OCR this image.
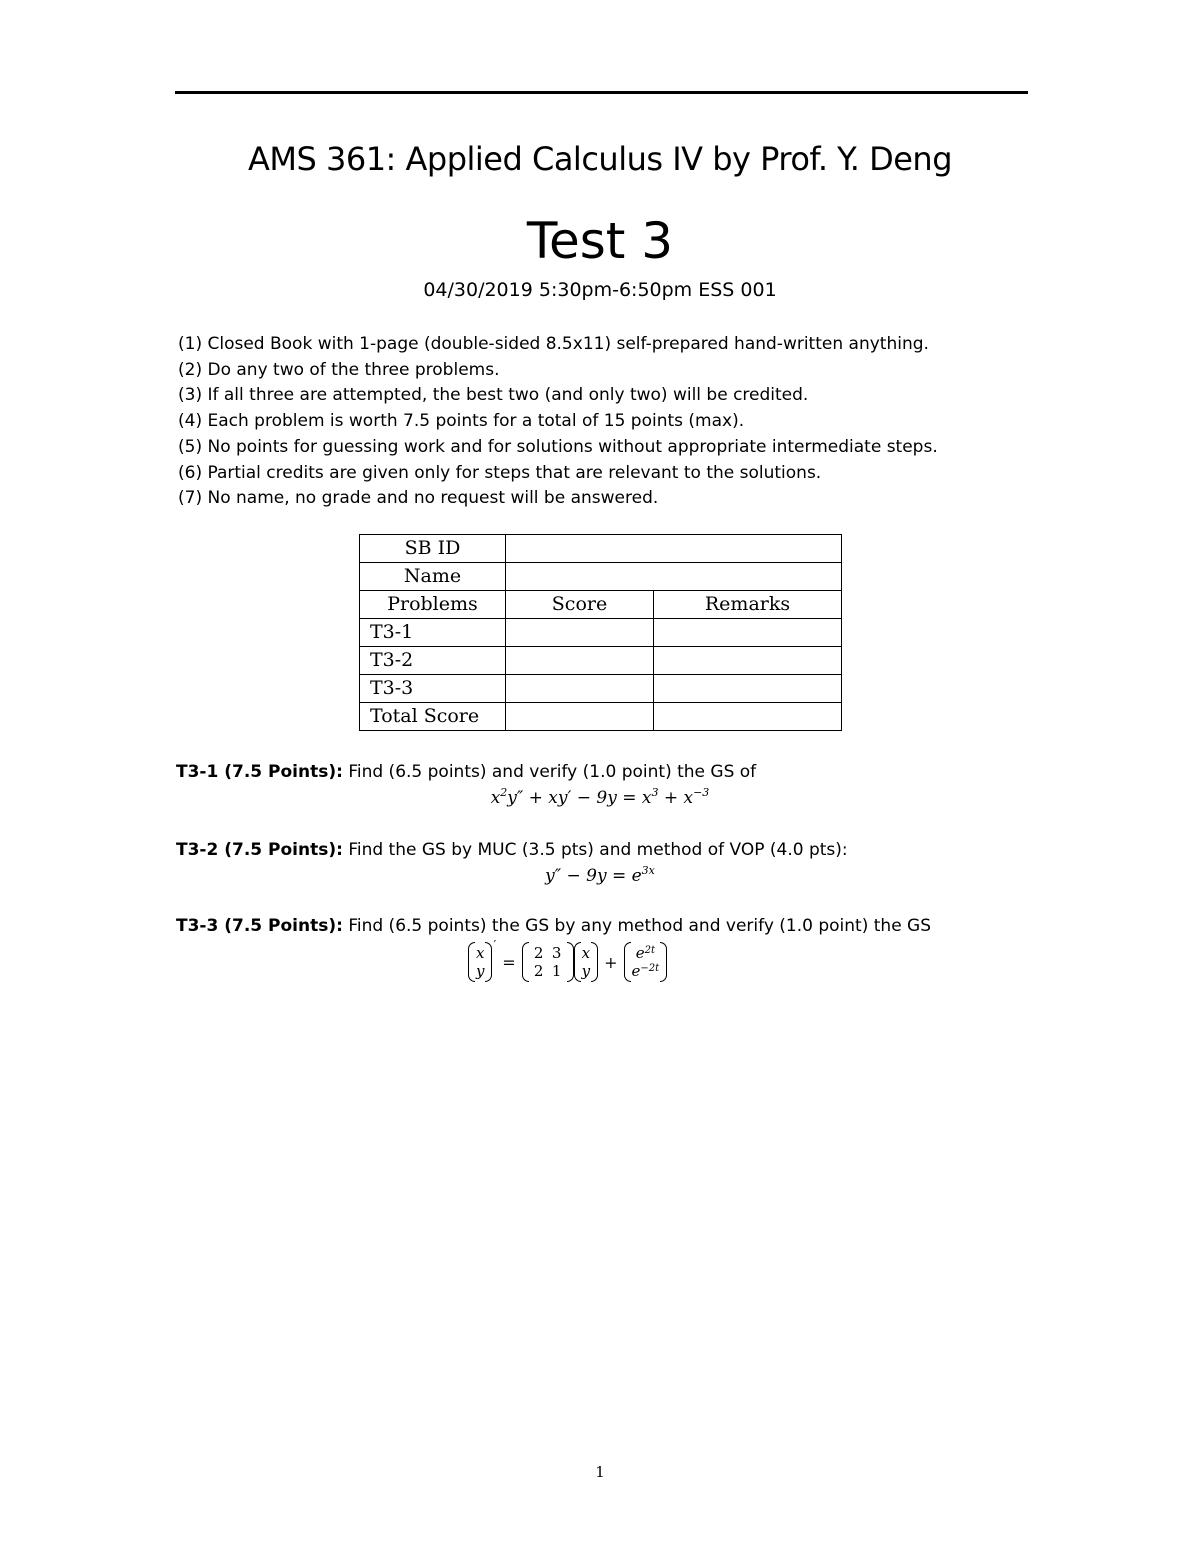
AMS 361: Applied Calculus IV by Prof. Y. Deng
Test 3
04/30/2019 5:30pm-6:50pm ESS 001
(1) Closed Book with 1-page (double-sided 8.5x11) self-prepared hand-written anything.
(2) Do any two of the three problems.
(3) If all three are attempted, the best two (and only two) will be credited.
(4) Each problem is worth 7.5 points for a total of 15 points (max).
(5) No points for guessing work and for solutions without appropriate intermediate steps.
(6) Partial credits are given only for steps that are relevant to the solutions.
(7) No name, no grade and no request will be answered.
SB ID		
Name		
Problems	Score	Remarks
T3-1		
T3-2		
T3-3		
Total Score		
T3-1 (7.5 Points): Find (6.5 points) and verify (1.0 point) the GS of
$x^2y'' + xy' - 9y = x^3 + x^{-3}$
T3-2 (7.5 Points): Find the GS by MUC (3.5 pts) and method of VOP (4.0 pts):
$y'' - 9y = e^{3x}$
T3-3 (7.5 Points): Find (6.5 points) the GS by any method and verify (1.0 point) the GS
x
y
′
= 2 3
2 1
x
$y + e^{2t}$
$e^{-2t}$
1
